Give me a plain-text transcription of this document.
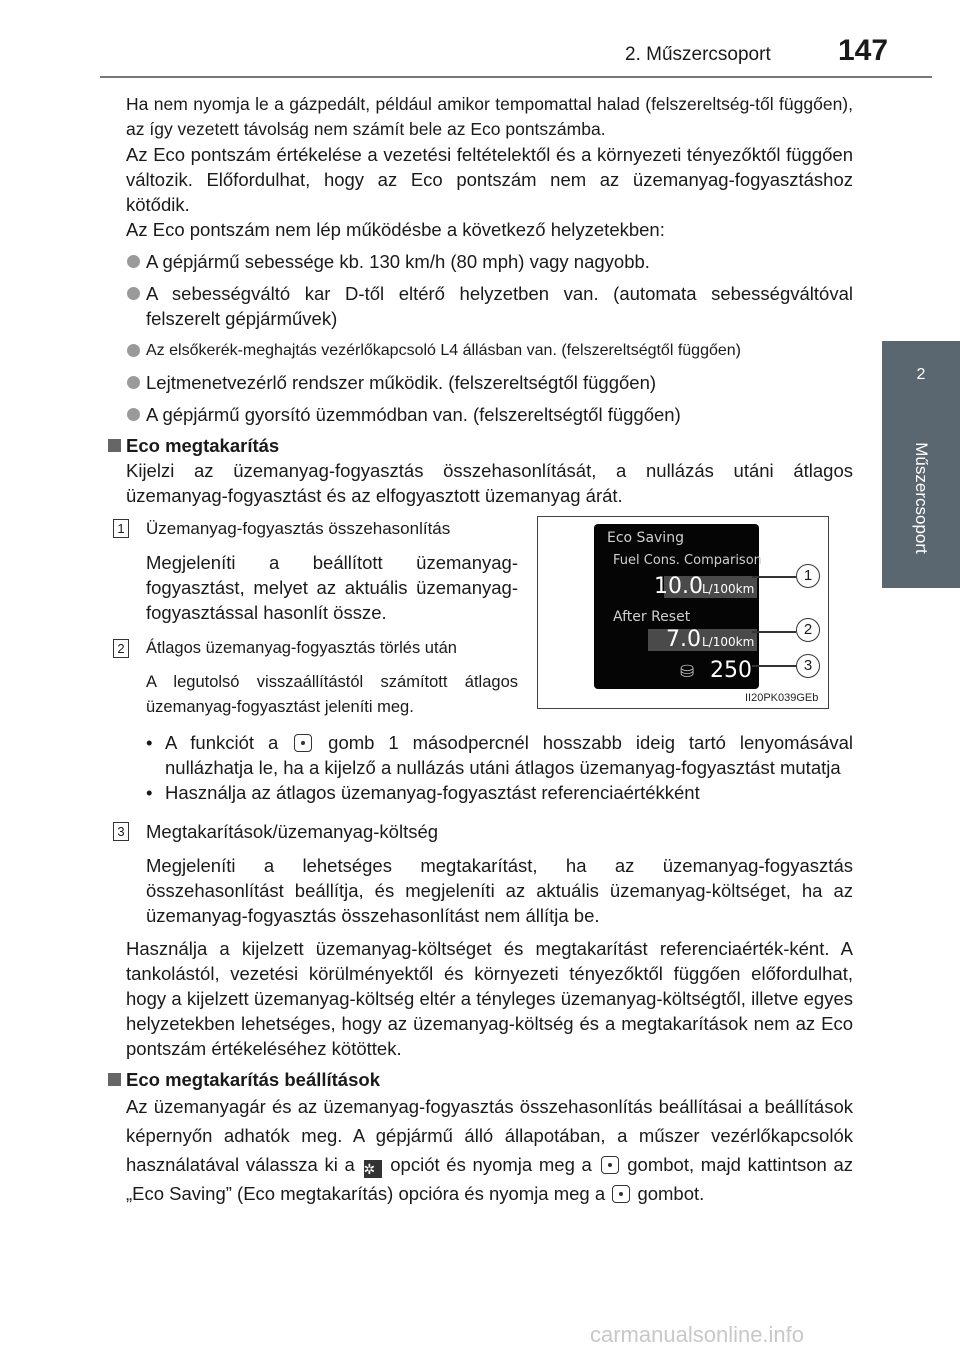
2. Műszercsoport 147
2
Műszercsoport

Ha nem nyomja le a gázpedált, például amikor tempomattal halad (felszereltség-től függően), az így vezetett távolság nem számít bele az Eco pontszámba.

Az Eco pontszám értékelése a vezetési feltételektől és a környezeti tényezőktől függően változik. Előfordulhat, hogy az Eco pontszám nem az üzemanyag-fogyasztáshoz kötődik.

Az Eco pontszám nem lép működésbe a következő helyzetekben:

A gépjármű sebessége kb. 130 km/h (80 mph) vagy nagyobb.
A sebességváltó kar D-től eltérő helyzetben van. (automata sebességváltóval felszerelt gépjárművek)
Az elsőkerék-meghajtás vezérlőkapcsoló L4 állásban van. (felszereltségtől függően)
Lejtmenetvezérlő rendszer működik. (felszereltségtől függően)
A gépjármű gyorsító üzemmódban van. (felszereltségtől függően)
Eco megtakarítás

Kijelzi az üzemanyag-fogyasztás összehasonlítását, a nullázás utáni átlagos üzemanyag-fogyasztást és az elfogyasztott üzemanyag árát.

1 Üzemanyag-fogyasztás összehasonlítás
Megjeleníti a beállított üzemanyag-fogyasztást, melyet az aktuális üzemanyag-fogyasztással hasonlít össze.
2 Átlagos üzemanyag-fogyasztás törlés után
A legutolsó visszaállítástól számított átlagos üzemanyag-fogyasztást jeleníti meg.
• A funkciót a	gomb 1 másodpercnél hosszabb ideig tartó lenyomásával nullázhatja le, ha a kijelző a nullázás utáni átlagos üzemanyag-fogyasztást mutatja
• Használja az átlagos üzemanyag-fogyasztást referenciaértékként
3 Megtakarítások/üzemanyag-költség
Megjeleníti a lehetséges megtakarítást, ha az üzemanyag-fogyasztás összehasonlítást beállítja, és megjeleníti az aktuális üzemanyag-költséget, ha az üzemanyag-fogyasztás összehasonlítást nem állítja be.

Használja a kijelzett üzemanyag-költséget és megtakarítást referenciaérték-ként. A tankolástól, vezetési körülményektől és környezeti tényezőktől függően előfordulhat, hogy a kijelzett üzemanyag-költség eltér a tényleges üzemanyag-költségtől, illetve egyes helyzetekben lehetséges, hogy az üzemanyag-költség és a megtakarítások nem az Eco pontszám értékeléséhez kötöttek.

Eco megtakarítás beállítások

Az üzemanyagár és az üzemanyag-fogyasztás összehasonlítás beállításai a beállítások képernyőn adhatók meg. A gépjármű álló állapotában, a műszer vezérlőkapcsolók használatával válassza ki a ✲ opciót és nyomja meg a gombot, majd kattintson az „Eco Saving” (Eco megtakarítás) opcióra és nyomja meg a gombot.

Eco Saving
Fuel Cons. Comparison
10.0 L/100km
After Reset
7.0 L/100km
⛁ 250
1
2
3
II20PK039GEb
carmanualsonline.info
